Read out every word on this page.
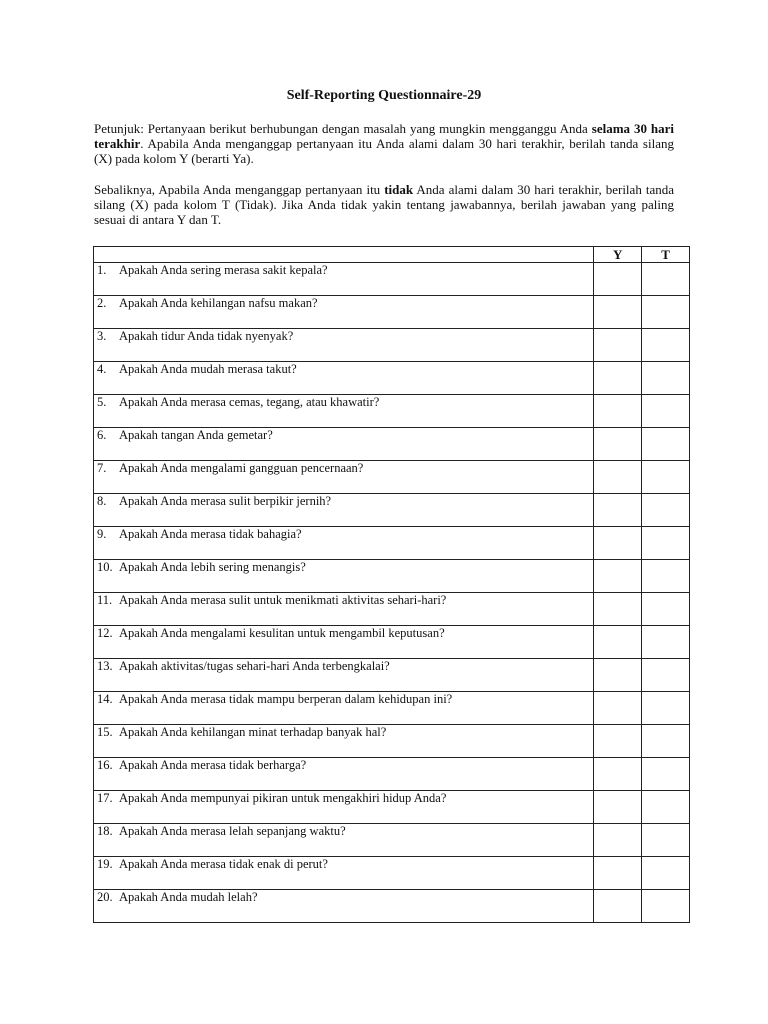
Self-Reporting Questionnaire-29
Petunjuk: Pertanyaan berikut berhubungan dengan masalah yang mungkin mengganggu Anda selama 30 hari terakhir. Apabila Anda menganggap pertanyaan itu Anda alami dalam 30 hari terakhir, berilah tanda silang (X) pada kolom Y (berarti Ya).
Sebaliknya, Apabila Anda menganggap pertanyaan itu tidak Anda alami dalam 30 hari terakhir, berilah tanda silang (X) pada kolom T (Tidak). Jika Anda tidak yakin tentang jawabannya, berilah jawaban yang paling sesuai di antara Y dan T.
	Y	T
1. Apakah Anda sering merasa sakit kepala?		
2. Apakah Anda kehilangan nafsu makan?		
3. Apakah tidur Anda tidak nyenyak?		
4. Apakah Anda mudah merasa takut?		
5. Apakah Anda merasa cemas, tegang, atau khawatir?		
6. Apakah tangan Anda gemetar?		
7. Apakah Anda mengalami gangguan pencernaan?		
8. Apakah Anda merasa sulit berpikir jernih?		
9. Apakah Anda merasa tidak bahagia?		
10. Apakah Anda lebih sering menangis?		
11. Apakah Anda merasa sulit untuk menikmati aktivitas sehari-hari?		
12. Apakah Anda mengalami kesulitan untuk mengambil keputusan?		
13. Apakah aktivitas/tugas sehari-hari Anda terbengkalai?		
14. Apakah Anda merasa tidak mampu berperan dalam kehidupan ini?		
15. Apakah Anda kehilangan minat terhadap banyak hal?		
16. Apakah Anda merasa tidak berharga?		
17. Apakah Anda mempunyai pikiran untuk mengakhiri hidup Anda?		
18. Apakah Anda merasa lelah sepanjang waktu?		
19. Apakah Anda merasa tidak enak di perut?		
20. Apakah Anda mudah lelah?		
